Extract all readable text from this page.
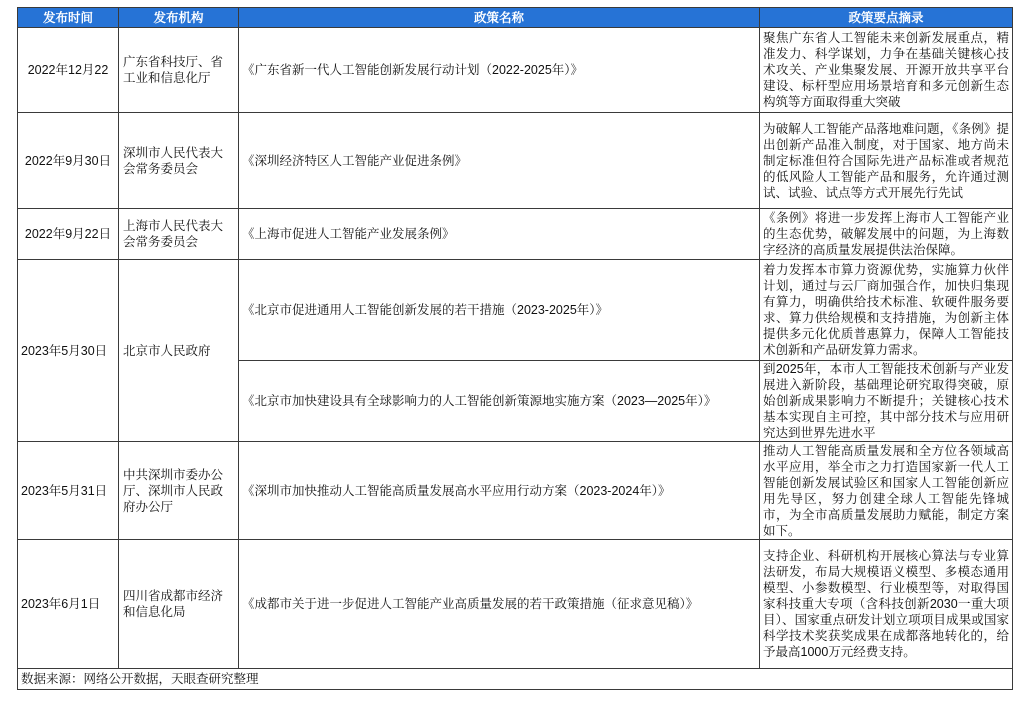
发布时间	发布机构	政策名称	政策要点摘录
2022年12月22	广东省科技厅、省工业和信息化厅	《广东省新一代人工智能创新发展行动计划（2022-2025年）》	聚焦广东省人工智能未来创新发展重点，精准发力、科学谋划，力争在基础关键核心技术攻关、产业集聚发展、开源开放共享平台建设、标杆型应用场景培育和多元创新生态构筑等方面取得重大突破

2022年9月30日	深圳市人民代表大会常务委员会	《深圳经济特区人工智能产业促进条例》	为破解人工智能产品落地难问题，《条例》提出创新产品准入制度，对于国家、地方尚未制定标准但符合国际先进产品标准或者规范的低风险人工智能产品和服务，允许通过测试、试验、试点等方式开展先行先试

2022年9月22日	上海市人民代表大会常务委员会	《上海市促进人工智能产业发展条例》	《条例》将进一步发挥上海市人工智能产业的生态优势，破解发展中的问题，为上海数字经济的高质量发展提供法治保障。

2023年5月30日	北京市人民政府	《北京市促进通用人工智能创新发展的若干措施（2023-2025年）》	着力发挥本市算力资源优势，实施算力伙伴计划，通过与云厂商加强合作，加快归集现有算力，明确供给技术标准、软硬件服务要求、算力供给规模和支持措施，为创新主体提供多元化优质普惠算力，保障人工智能技术创新和产品研发算力需求。

		《北京市加快建设具有全球影响力的人工智能创新策源地实施方案（2023—2025年）》	到2025年，本市人工智能技术创新与产业发展进入新阶段，基础理论研究取得突破，原始创新成果影响力不断提升；关键核心技术基本实现自主可控，其中部分技术与应用研究达到世界先进水平

2023年5月31日	中共深圳市委办公厅、深圳市人民政府办公厅	《深圳市加快推动人工智能高质量发展高水平应用行动方案（2023-2024年）》	推动人工智能高质量发展和全方位各领域高水平应用，举全市之力打造国家新一代人工智能创新发展试验区和国家人工智能创新应用先导区，努力创建全球人工智能先锋城市，为全市高质量发展助力赋能，制定方案如下。

2023年6月1日	四川省成都市经济和信息化局	《成都市关于进一步促进人工智能产业高质量发展的若干政策措施（征求意见稿）》	支持企业、科研机构开展核心算法与专业算法研发，布局大规模语义模型、多模态通用模型、小参数模型、行业模型等，对取得国家科技重大专项（含科技创新2030一重大项目）、国家重点研发计划立项项目成果或国家科学技术奖获奖成果在成都落地转化的，给予最高1000万元经费支持。

数据来源：网络公开数据，天眼查研究整理			
